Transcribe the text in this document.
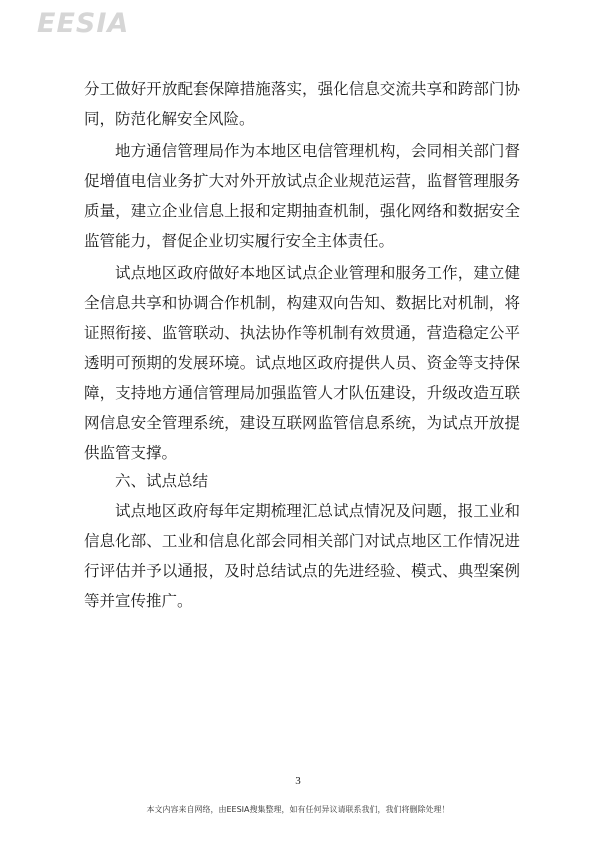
EESIA

分工做好开放配套保障措施落实，强化信息交流共享和跨部门协同，防范化解安全风险。

地方通信管理局作为本地区电信管理机构，会同相关部门督促增值电信业务扩大对外开放试点企业规范运营，监督管理服务质量，建立企业信息上报和定期抽查机制，强化网络和数据安全监管能力，督促企业切实履行安全主体责任。

试点地区政府做好本地区试点企业管理和服务工作，建立健全信息共享和协调合作机制，构建双向告知、数据比对机制，将证照衔接、监管联动、执法协作等机制有效贯通，营造稳定公平透明可预期的发展环境。试点地区政府提供人员、资金等支持保障，支持地方通信管理局加强监管人才队伍建设，升级改造互联网信息安全管理系统，建设互联网监管信息系统，为试点开放提供监管支撑。

六、试点总结

试点地区政府每年定期梳理汇总试点情况及问题，报工业和信息化部、工业和信息化部会同相关部门对试点地区工作情况进行评估并予以通报，及时总结试点的先进经验、模式、典型案例等并宣传推广。

3
本文内容来自网络，由EESIA搜集整理，如有任何异议请联系我们，我们将删除处理！
